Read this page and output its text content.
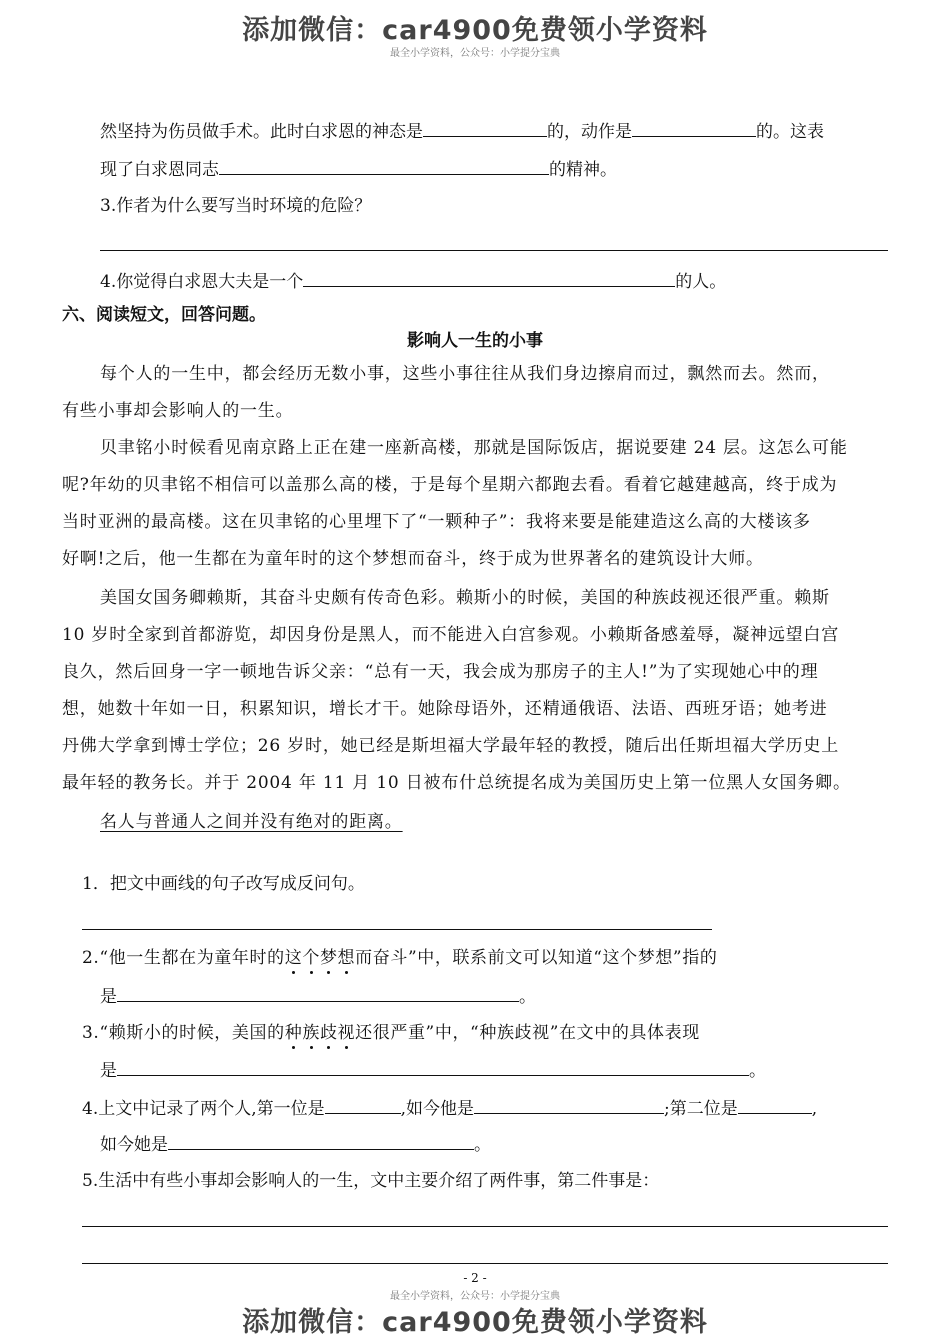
添加微信：car4900免费领小学资料
最全小学资料，公众号：小学提分宝典
然坚持为伤员做手术。此时白求恩的神态是	的，动作是	的。这表
现了白求恩同志	的精神。
3.作者为什么要写当时环境的危险？
4.你觉得白求恩大夫是一个	的人。
六、阅读短文，回答问题。
影响人一生的小事
每个人的一生中，都会经历无数小事，这些小事往往从我们身边擦肩而过，飘然而去。然而，
有些小事却会影响人的一生。
贝聿铭小时候看见南京路上正在建一座新高楼，那就是国际饭店，据说要建 24 层。这怎么可能
呢?年幼的贝聿铭不相信可以盖那么高的楼，于是每个星期六都跑去看。看着它越建越高，终于成为
当时亚洲的最高楼。这在贝聿铭的心里埋下了“一颗种子”：我将来要是能建造这么高的大楼该多
好啊!之后，他一生都在为童年时的这个梦想而奋斗，终于成为世界著名的建筑设计大师。
美国女国务卿赖斯，其奋斗史颇有传奇色彩。赖斯小的时候，美国的种族歧视还很严重。赖斯
10 岁时全家到首都游览，却因身份是黑人，而不能进入白宫参观。小赖斯备感羞辱，凝神远望白宫
良久，然后回身一字一顿地告诉父亲：“总有一天，我会成为那房子的主人!”为了实现她心中的理
想，她数十年如一日，积累知识，增长才干。她除母语外，还精通俄语、法语、西班牙语；她考进
丹佛大学拿到博士学位；26 岁时，她已经是斯坦福大学最年轻的教授，随后出任斯坦福大学历史上
最年轻的教务长。并于 2004 年 11 月 10 日被布什总统提名成为美国历史上第一位黑人女国务卿。
名人与普通人之间并没有绝对的距离。
1．把文中画线的句子改写成反问句。
2.“他一生都在为童年时的这个梦想而奋斗”中，联系前文可以知道“这个梦想”指的
是	。
3.“赖斯小的时候，美国的种族歧视还很严重”中，“种族歧视”在文中的具体表现
是	。
4.上文中记录了两个人,第一位是	,如今他是	;第二位是	,
如今她是	。
5.生活中有些小事却会影响人的一生，文中主要介绍了两件事，第二件事是：
- 2 -
最全小学资料，公众号：小学提分宝典
添加微信：car4900免费领小学资料
